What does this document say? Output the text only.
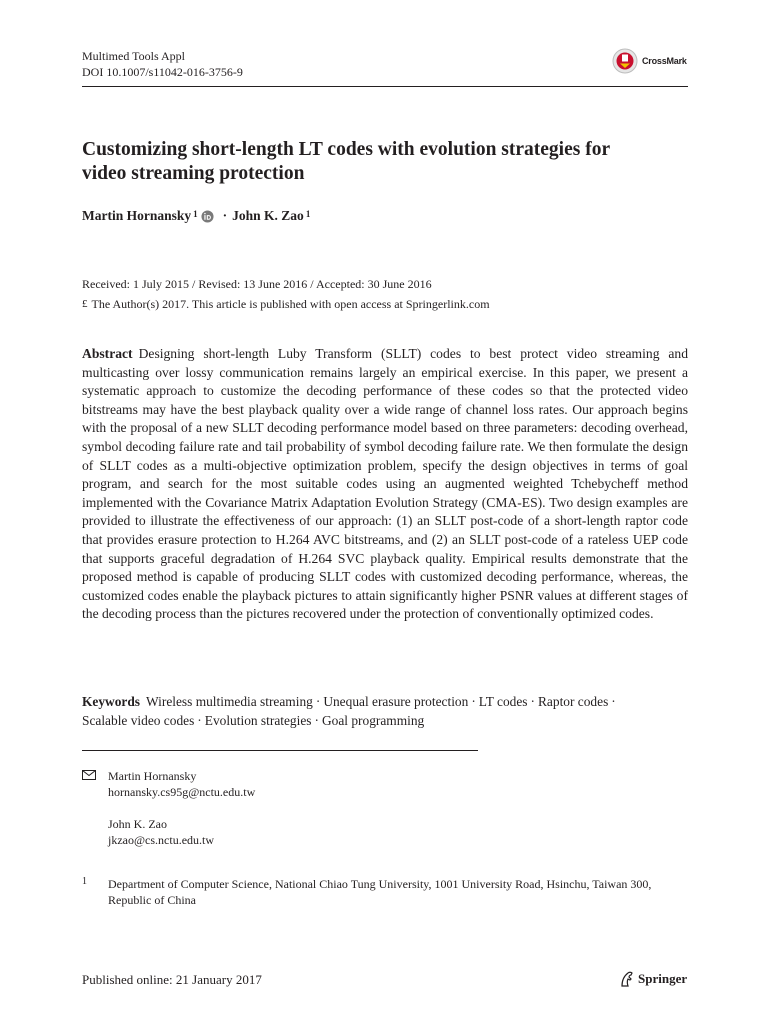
Multimed Tools Appl
DOI 10.1007/s11042-016-3756-9
CrossMark
Customizing short-length LT codes with evolution strategies for video streaming protection
Martin Hornansky$^1$ · John K. Zao$^1$
Received: 1 July 2015 / Revised: 13 June 2016 / Accepted: 30 June 2016
£ The Author(s) 2017. This article is published with open access at Springerlink.com
Abstract Designing short-length Luby Transform (SLLT) codes to best protect video streaming and multicasting over lossy communication remains largely an empirical exercise. In this paper, we present a systematic approach to customize the decoding performance of these codes so that the protected video bitstreams may have the best playback quality over a wide range of channel loss rates. Our approach begins with the proposal of a new SLLT decoding performance model based on three parameters: decoding overhead, symbol decoding failure rate and tail probability of symbol decoding failure rate. We then formulate the design of SLLT codes as a multi-objective optimization problem, specify the design objectives in terms of goal program, and search for the most suitable codes using an augmented weighted Tchebycheff method implemented with the Covariance Matrix Adaptation Evolution Strategy (CMA-ES). Two design examples are provided to illustrate the effectiveness of our approach: (1) an SLLT post-code of a short-length raptor code that provides erasure protection to H.264 AVC bitstreams, and (2) an SLLT post-code of a rateless UEP code that supports graceful degradation of H.264 SVC playback quality. Empirical results demonstrate that the proposed method is capable of producing SLLT codes with customized decoding performance, whereas, the customized codes enable the playback pictures to attain significantly higher PSNR values at different stages of the decoding process than the pictures recovered under the protection of conventionally optimized codes.
Keywords Wireless multimedia streaming · Unequal erasure protection · LT codes · Raptor codes ·
Scalable video codes · Evolution strategies · Goal programming
Martin Hornansky
hornansky.cs95g@nctu.edu.tw
John K. Zao
jkzao@cs.nctu.edu.tw
1	Department of Computer Science, National Chiao Tung University, 1001 University Road, Hsinchu, Taiwan 300, Republic of China
Published online: 21 January 2017	Springer
